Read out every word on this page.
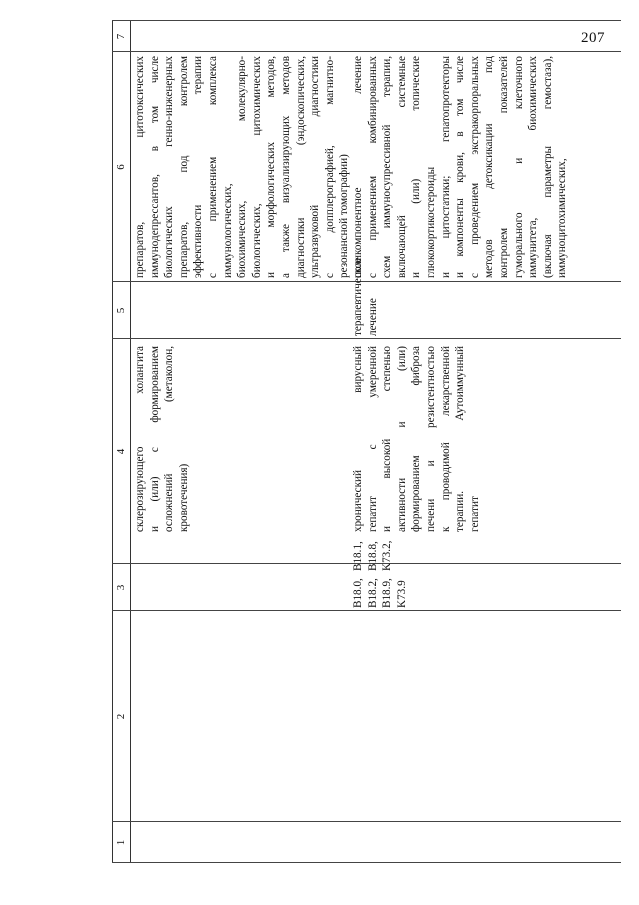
207
1
2
3
4
5
6
7
склерозирующего холангита и (или) с формированием осложнений (метаколон, кровотечения)
препаратов, цитотоксических иммунодепрессантов, в том числе биологических генно-инженерных препаратов, под контролем эффективности терапии с применением комплекса иммунологических, биохимических, молекулярно- биологических, цитохимических и морфологических методов, а также визуализирующих методов диагностики (эндоскопических, ультразвуковой диагностики с допплерографией, магнитно- резонансной томографии)
B18.0,
B18.1,
B18.2,
B18.8,
B18.9,
K73.2,
K73.9
хронический вирусный гепатит с умеренной и высокой степенью активности и (или) формированием фиброза печени и резистентностью к проводимой лекарственной терапии. Аутоиммунный гепатит
терапевтическое лечение
поликомпонентное лечение с применением комбинированных схем иммуносупрессивной терапии, включающей системные и (или) топические глюкокортикостероиды и цитостатики; гепатопротекторы и компоненты крови, в том числе с проведением экстракорпоральных методов детоксикации под контролем показателей гуморального и клеточного иммунитета, биохимических (включая параметры гемостаза), иммуноцитохимических,
